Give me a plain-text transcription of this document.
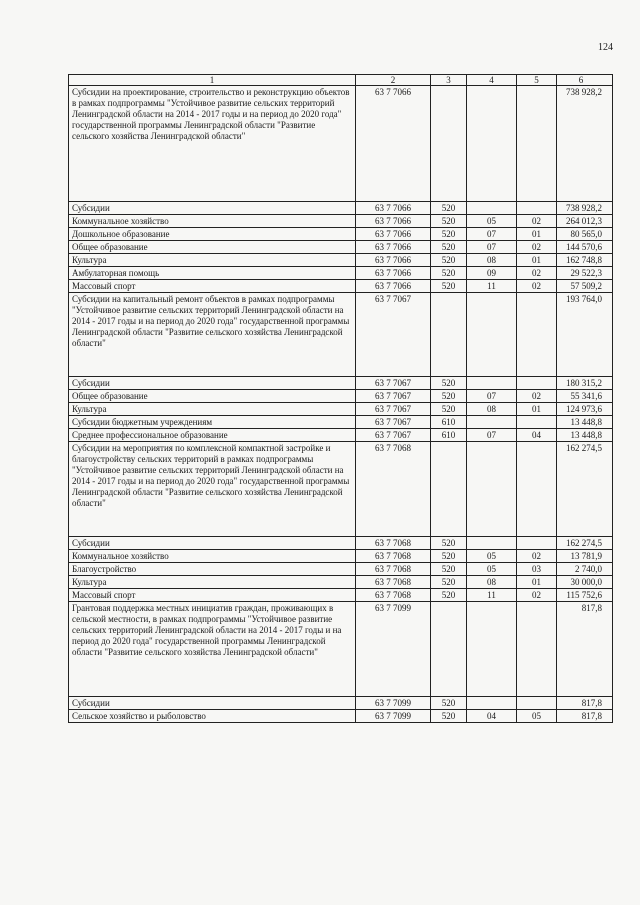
124
1	2	3	4	5	6
Субсидии на проектирование, строительство и реконструкцию объектов в рамках подпрограммы "Устойчивое развитие сельских территорий Ленинградской области на 2014 - 2017 годы и на период до 2020 года" государственной программы Ленинградской области "Развитие сельского хозяйства Ленинградской области"	63 7 7066				738 928,2
Субсидии	63 7 7066	520			738 928,2
Коммунальное хозяйство	63 7 7066	520	05	02	264 012,3
Дошкольное образование	63 7 7066	520	07	01	80 565,0
Общее образование	63 7 7066	520	07	02	144 570,6
Культура	63 7 7066	520	08	01	162 748,8
Амбулаторная помощь	63 7 7066	520	09	02	29 522,3
Массовый спорт	63 7 7066	520	11	02	57 509,2
Субсидии на капитальный ремонт объектов в рамках подпрограммы "Устойчивое развитие сельских территорий Ленинградской области на 2014 - 2017 годы и на период до 2020 года" государственной программы Ленинградской области "Развитие сельского хозяйства Ленинградской области"	63 7 7067				193 764,0
Субсидии	63 7 7067	520			180 315,2
Общее образование	63 7 7067	520	07	02	55 341,6
Культура	63 7 7067	520	08	01	124 973,6
Субсидии бюджетным учреждениям	63 7 7067	610			13 448,8
Среднее профессиональное образование	63 7 7067	610	07	04	13 448,8
Субсидии на мероприятия по комплексной компактной застройке и благоустройству сельских территорий в рамках подпрограммы "Устойчивое развитие сельских территорий Ленинградской области на 2014 - 2017 годы и на период до 2020 года" государственной программы Ленинградской области "Развитие сельского хозяйства Ленинградской области"	63 7 7068				162 274,5
Субсидии	63 7 7068	520			162 274,5
Коммунальное хозяйство	63 7 7068	520	05	02	13 781,9
Благоустройство	63 7 7068	520	05	03	2 740,0
Культура	63 7 7068	520	08	01	30 000,0
Массовый спорт	63 7 7068	520	11	02	115 752,6
Грантовая поддержка местных инициатив граждан, проживающих в сельской местности, в рамках подпрограммы "Устойчивое развитие сельских территорий Ленинградской области на 2014 - 2017 годы и на период до 2020 года" государственной программы Ленинградской области "Развитие сельского хозяйства Ленинградской области"	63 7 7099				817,8
Субсидии	63 7 7099	520			817,8
Сельское хозяйство и рыболовство	63 7 7099	520	04	05	817,8
